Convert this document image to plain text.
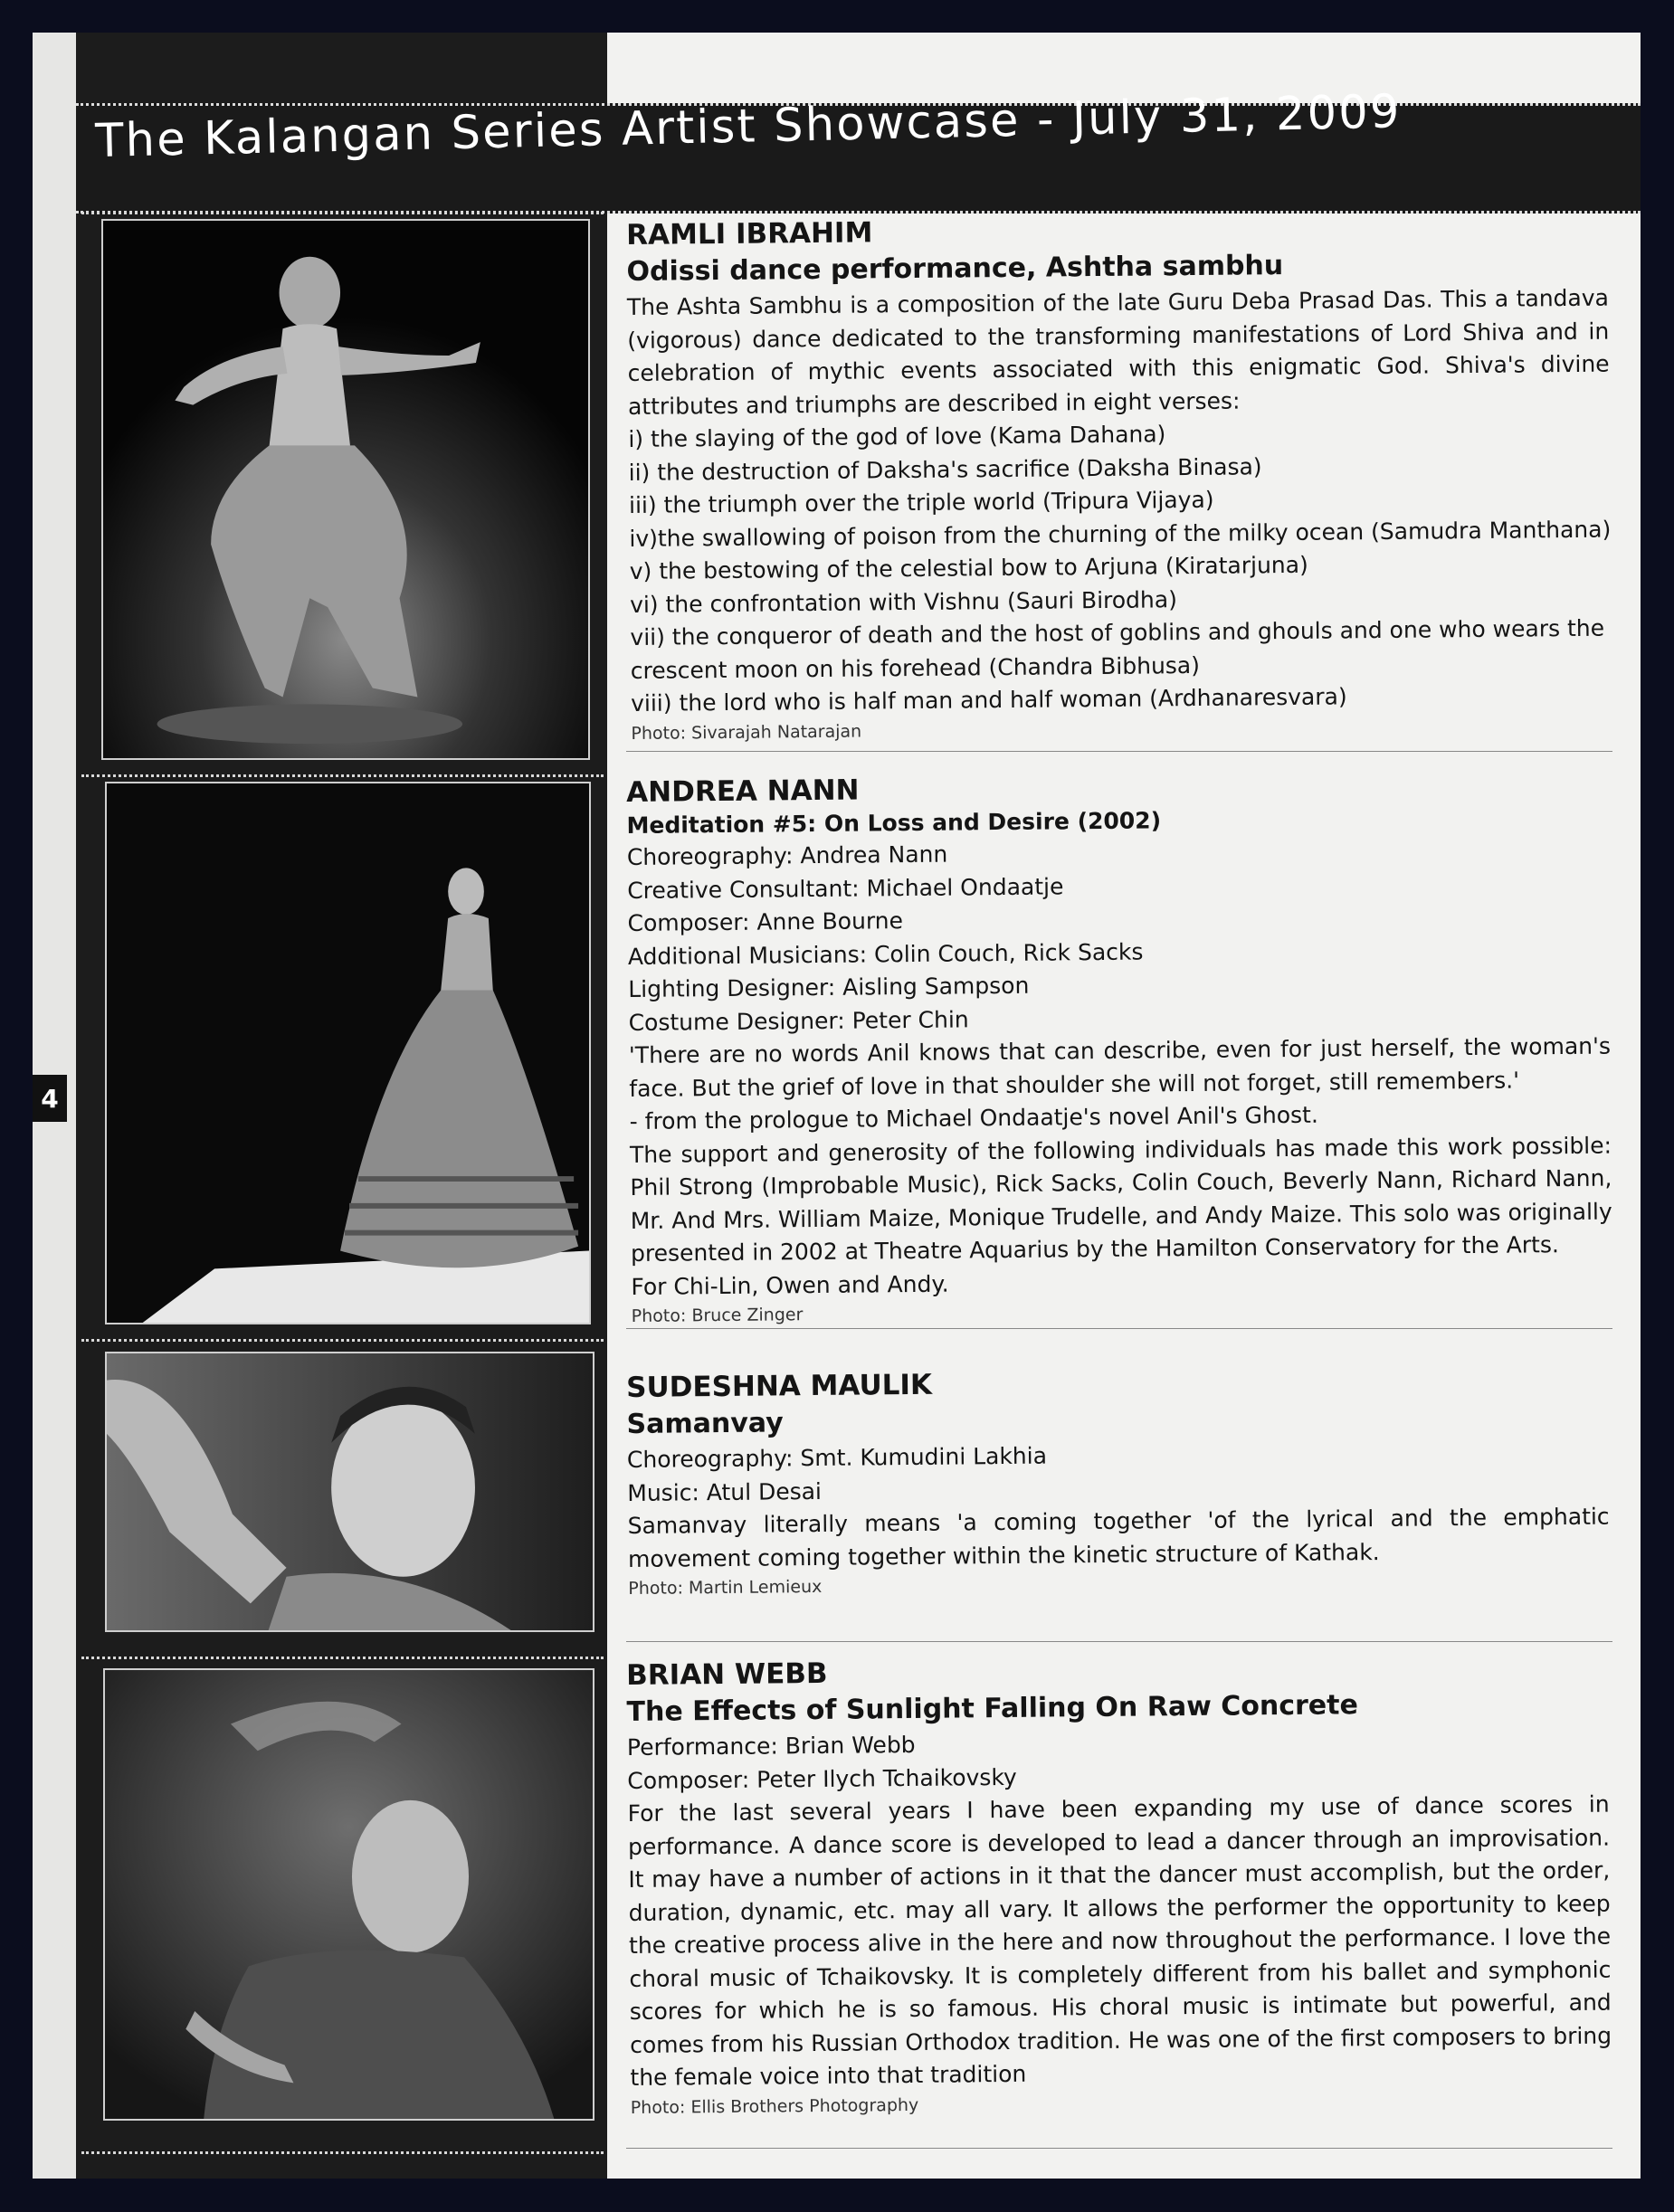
4
The Kalangan Series Artist Showcase - July 31, 2009
RAMLI IBRAHIM
Odissi dance performance, Ashtha sambhu
The Ashta Sambhu is a composition of the late Guru Deba Prasad Das. This a tandava (vigorous) dance dedicated to the transforming manifestations of Lord Shiva and in celebration of mythic events associated with this enigmatic God. Shiva's divine attributes and triumphs are described in eight verses:
i) the slaying of the god of love (Kama Dahana)
ii) the destruction of Daksha's sacrifice (Daksha Binasa)
iii) the triumph over the triple world (Tripura Vijaya)
iv)the swallowing of poison from the churning of the milky ocean (Samudra Manthana)
v) the bestowing of the celestial bow to Arjuna (Kiratarjuna)
vi) the confrontation with Vishnu (Sauri Birodha)
vii) the conqueror of death and the host of goblins and ghouls and one who wears the crescent moon on his forehead (Chandra Bibhusa)
viii) the lord who is half man and half woman (Ardhanaresvara)
Photo: Sivarajah Natarajan
ANDREA NANN
Meditation #5: On Loss and Desire (2002)
Choreography: Andrea Nann
Creative Consultant: Michael Ondaatje
Composer: Anne Bourne
Additional Musicians: Colin Couch, Rick Sacks
Lighting Designer: Aisling Sampson
Costume Designer: Peter Chin
'There are no words Anil knows that can describe, even for just herself, the woman's face. But the grief of love in that shoulder she will not forget, still remembers.'
- from the prologue to Michael Ondaatje's novel Anil's Ghost.
The support and generosity of the following individuals has made this work possible: Phil Strong (Improbable Music), Rick Sacks, Colin Couch, Beverly Nann, Richard Nann, Mr. And Mrs. William Maize, Monique Trudelle, and Andy Maize. This solo was originally presented in 2002 at Theatre Aquarius by the Hamilton Conservatory for the Arts.
For Chi-Lin, Owen and Andy.
Photo: Bruce Zinger
SUDESHNA MAULIK
Samanvay
Choreography: Smt. Kumudini Lakhia
Music: Atul Desai
Samanvay literally means 'a coming together 'of the lyrical and the emphatic movement coming together within the kinetic structure of Kathak.
Photo: Martin Lemieux
BRIAN WEBB
The Effects of Sunlight Falling On Raw Concrete
Performance: Brian Webb
Composer: Peter Ilych Tchaikovsky
For the last several years I have been expanding my use of dance scores in performance. A dance score is developed to lead a dancer through an improvisation. It may have a number of actions in it that the dancer must accomplish, but the order, duration, dynamic, etc. may all vary. It allows the performer the opportunity to keep the creative process alive in the here and now throughout the performance. I love the choral music of Tchaikovsky. It is completely different from his ballet and symphonic scores for which he is so famous. His choral music is intimate but powerful, and comes from his Russian Orthodox tradition. He was one of the first composers to bring the female voice into that tradition
Photo: Ellis Brothers Photography
